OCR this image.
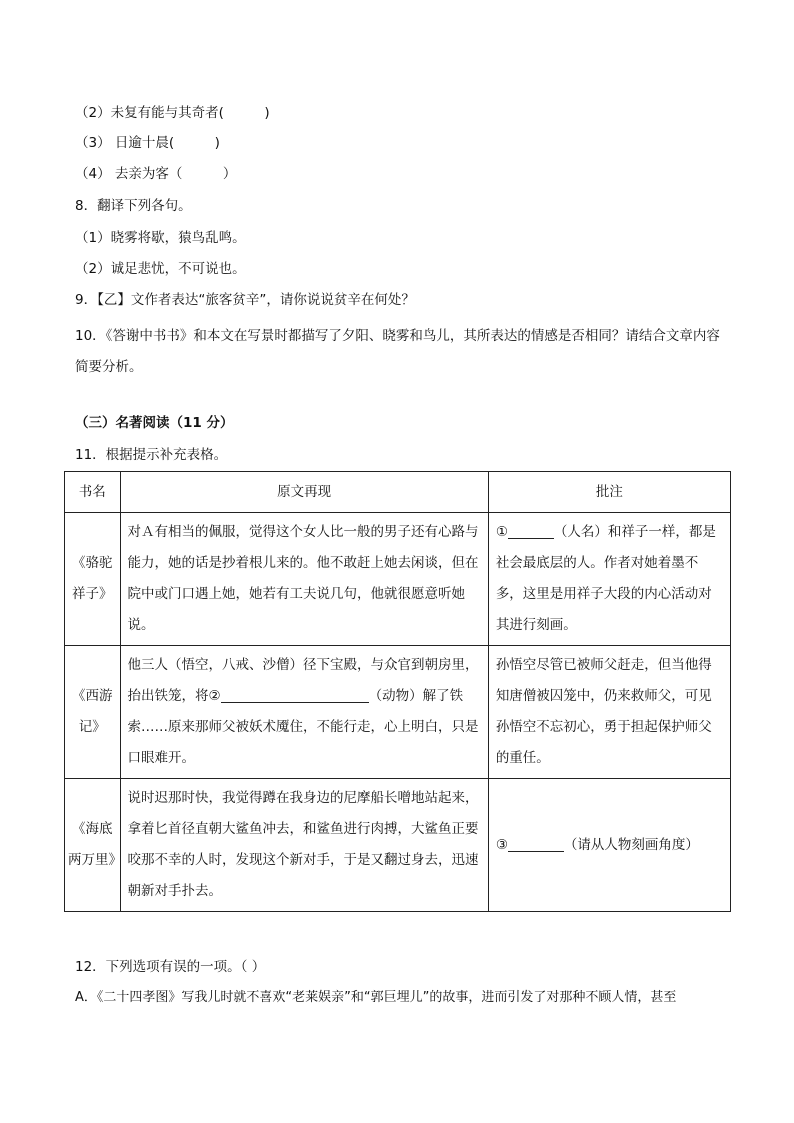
（2）未复有能与其奇者(　　　)
（3） 日逾十晨(　　　)
（4） 去亲为客（　　　）
8．翻译下列各句。
（1）晓雾将歇，猿鸟乱鸣。
（2）诚足悲忧，不可说也。
9．【乙】文作者表达“旅客贫辛”，请你说说贫辛在何处？
10．《答谢中书书》和本文在写景时都描写了夕阳、晓雾和鸟儿，其所表达的情感是否相同？请结合文章内容简要分析。
（三）名著阅读（11 分）
11．根据提示补充表格。
书名	原文再现	批注
《骆驼祥子》	对Ａ有相当的佩服，觉得这个女人比一般的男子还有心路与能力，她的话是抄着根儿来的。他不敢赶上她去闲谈，但在院中或门口遇上她，她若有工夫说几句，他就很愿意听她说。	① （人名）和祥子一样，都是社会最底层的人。作者对她着墨不多，这里是用祥子大段的内心活动对其进行刻画。
《西游记》	他三人（悟空，八戒、沙僧）径下宝殿，与众官到朝房里，抬出铁笼，将② （动物）解了铁索……原来那师父被妖术魇住，不能行走，心上明白，只是口眼难开。	孙悟空尽管已被师父赶走，但当他得知唐僧被囚笼中，仍来救师父，可见孙悟空不忘初心，勇于担起保护师父的重任。
《海底两万里》	说时迟那时快，我觉得蹲在我身边的尼摩船长噌地站起来，拿着匕首径直朝大鲨鱼冲去，和鲨鱼进行肉搏，大鲨鱼正要咬那不幸的人时，发现这个新对手，于是又翻过身去，迅速朝新对手扑去。	③ （请从人物刻画角度）
12．下列选项有误的一项。（ ）
A．《二十四孝图》写我儿时就不喜欢“老莱娱亲”和“郭巨埋儿”的故事，进而引发了对那种不顾人情，甚至
